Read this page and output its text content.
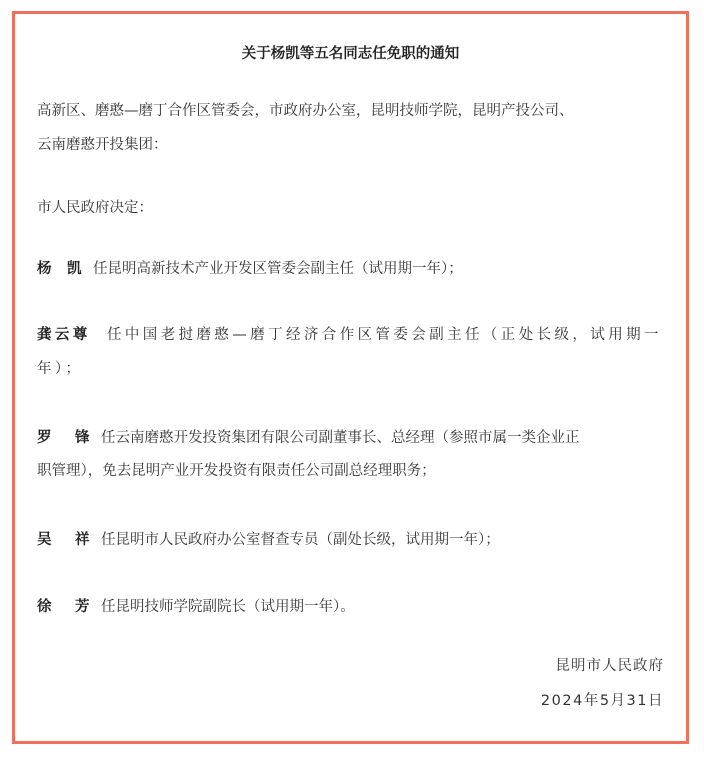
关于杨凯等五名同志任免职的通知
高新区、磨憨—磨丁合作区管委会，市政府办公室，昆明技师学院，昆明产投公司、
云南磨憨开投集团：
市人民政府决定：
杨 凯 任昆明高新技术产业开发区管委会副主任（试用期一年）；
龚云尊 任中国老挝磨憨—磨丁经济合作区管委会副主任（正处长级，试用期一
年）；
罗 锋 任云南磨憨开发投资集团有限公司副董事长、总经理（参照市属一类企业正
职管理），免去昆明产业开发投资有限责任公司副总经理职务；
吴 祥 任昆明市人民政府办公室督查专员（副处长级，试用期一年）；
徐 芳 任昆明技师学院副院长（试用期一年）。
昆明市人民政府
2024年5月31日
